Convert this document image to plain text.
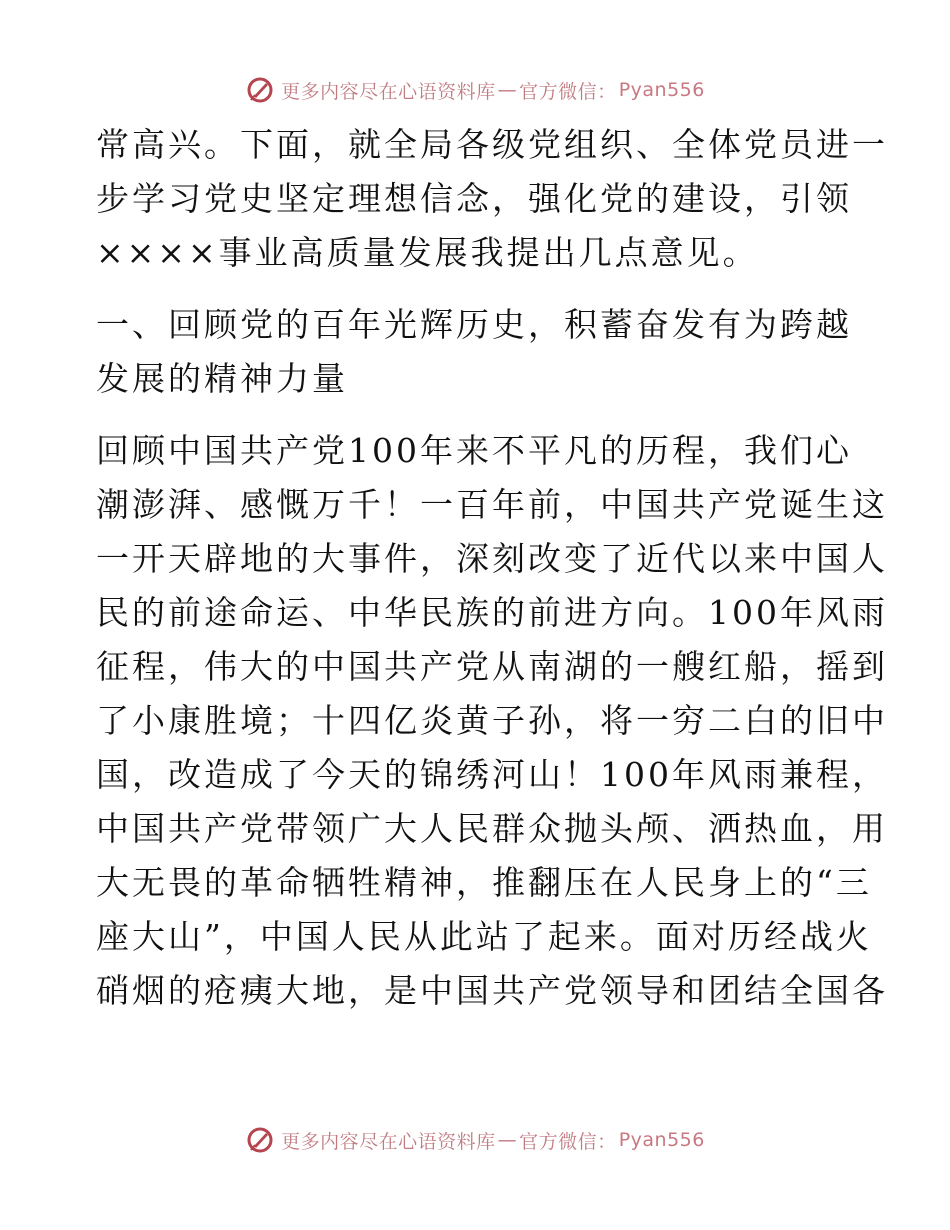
更多内容尽在心语资料库 — 官方微信： Pyan556

常高兴。下面，就全局各级党组织、全体党员进一
步学习党史坚定理想信念，强化党的建设，引领
××××事业高质量发展我提出几点意见。

一、回顾党的百年光辉历史，积蓄奋发有为跨越
发展的精神力量

回顾中国共产党100年来不平凡的历程，我们心
潮澎湃、感慨万千！一百年前，中国共产党诞生这
一开天辟地的大事件，深刻改变了近代以来中国人
民的前途命运、中华民族的前进方向。100年风雨
征程，伟大的中国共产党从南湖的一艘红船，摇到
了小康胜境；十四亿炎黄子孙，将一穷二白的旧中
国，改造成了今天的锦绣河山！100年风雨兼程，
中国共产党带领广大人民群众抛头颅、洒热血，用
大无畏的革命牺牲精神，推翻压在人民身上的“三
座大山”，中国人民从此站了起来。面对历经战火
硝烟的疮痍大地，是中国共产党领导和团结全国各

更多内容尽在心语资料库 — 官方微信： Pyan556
